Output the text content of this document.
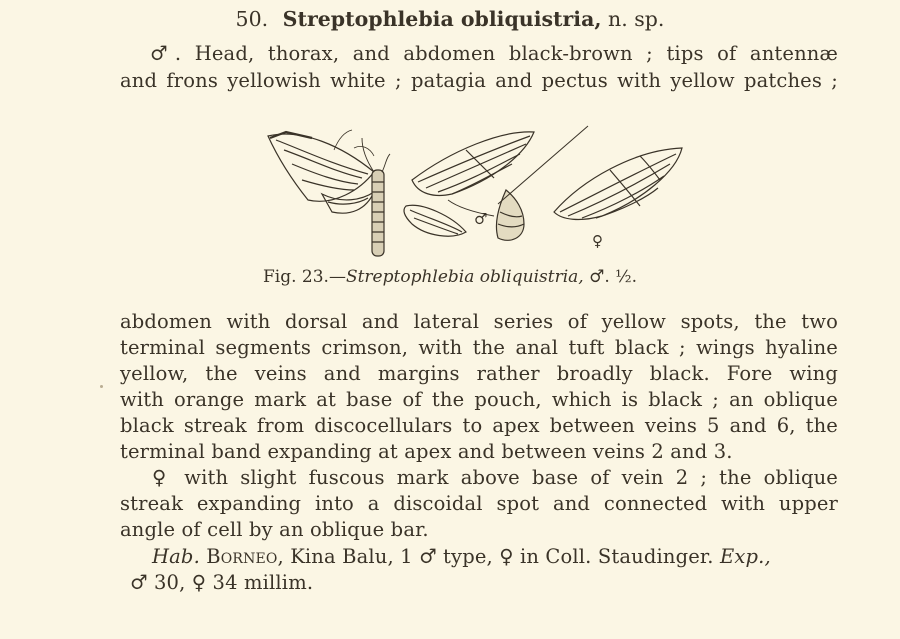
50. Streptophlebia obliquistria, n. sp.
♂. Head, thorax, and abdomen black-brown ; tips of antennæ
and frons yellowish white ; patagia and pectus with yellow patches ;
♂
♀
Fig. 23.—Streptophlebia obliquistria, ♂. ½.
abdomen with dorsal and lateral series of yellow spots, the two
terminal segments crimson, with the anal tuft black ; wings hyaline
yellow, the veins and margins rather broadly black. Fore wing
with orange mark at base of the pouch, which is black ; an oblique
black streak from discocellulars to apex between veins 5 and 6, the
terminal band expanding at apex and between veins 2 and 3.
♀ with slight fuscous mark above base of vein 2 ; the oblique
streak expanding into a discoidal spot and connected with upper
angle of cell by an oblique bar.
Hab. Borneo, Kina Balu, 1 ♂ type, ♀ in Coll. Staudinger. Exp.,
♂ 30, ♀ 34 millim.
